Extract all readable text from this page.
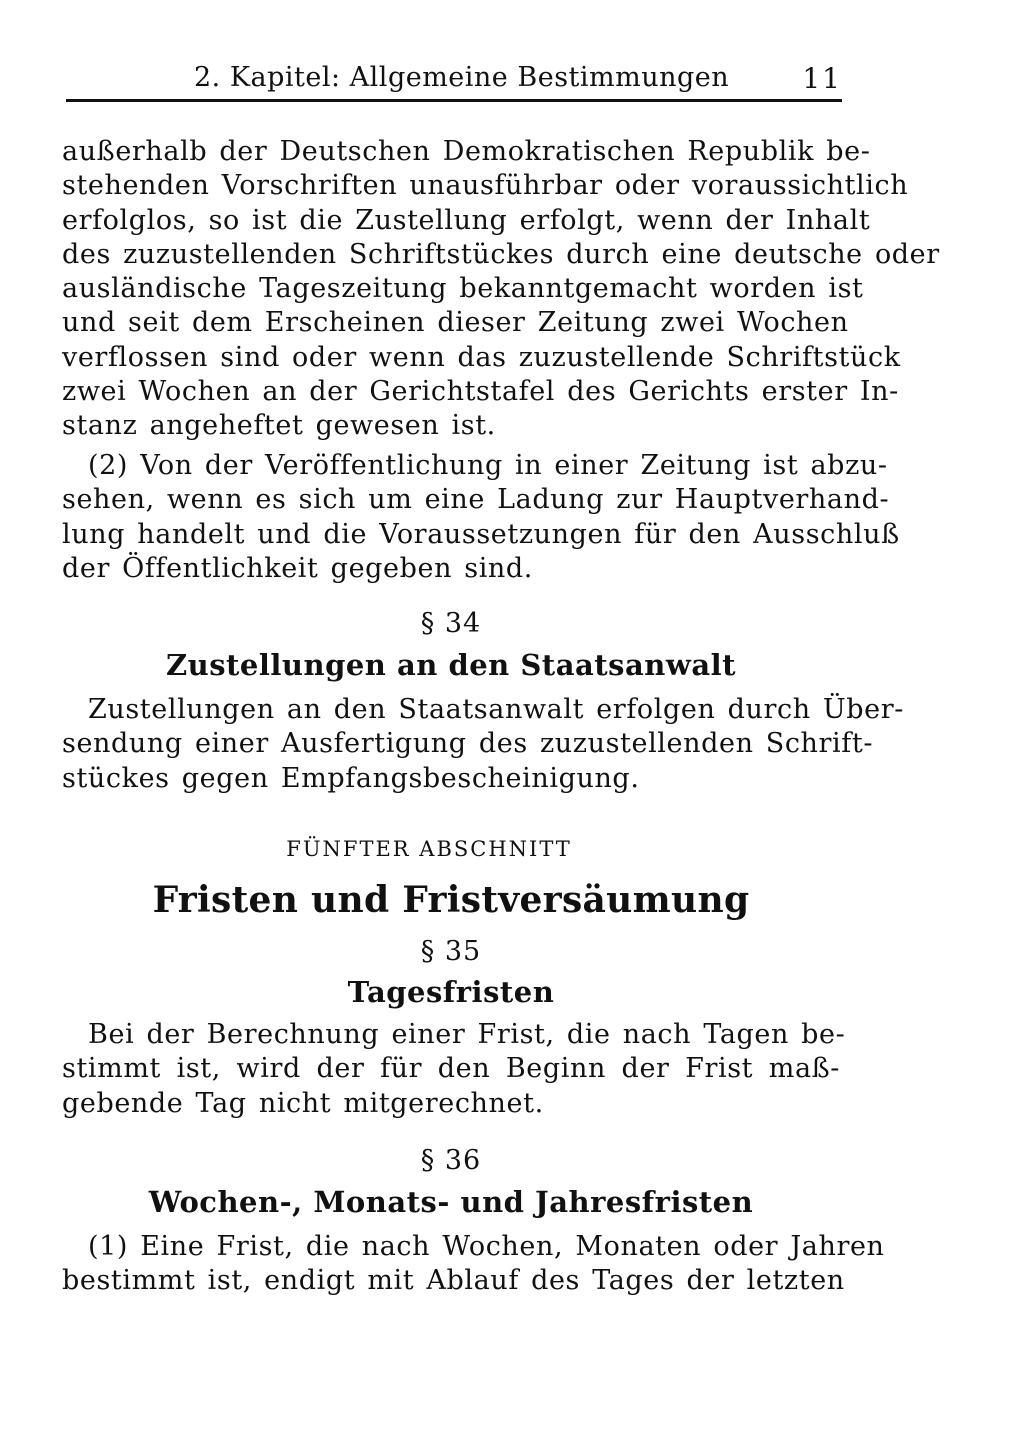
2. Kapitel: Allgemeine Bestimmungen	11
außerhalb der Deutschen Demokratischen Republik be-
stehenden Vorschriften unausführbar oder voraussichtlich
erfolglos, so ist die Zustellung erfolgt, wenn der Inhalt
des zuzustellenden Schriftstückes durch eine deutsche oder
ausländische Tageszeitung bekanntgemacht worden ist
und seit dem Erscheinen dieser Zeitung zwei Wochen
verflossen sind oder wenn das zuzustellende Schriftstück
zwei Wochen an der Gerichtstafel des Gerichts erster In-
stanz angeheftet gewesen ist.
(2) Von der Veröffentlichung in einer Zeitung ist abzu-
sehen, wenn es sich um eine Ladung zur Hauptverhand-
lung handelt und die Voraussetzungen für den Ausschluß
der Öffentlichkeit gegeben sind.
§ 34
Zustellungen an den Staatsanwalt
Zustellungen an den Staatsanwalt erfolgen durch Über-
sendung einer Ausfertigung des zuzustellenden Schrift-
stückes gegen Empfangsbescheinigung.
FÜNFTER ABSCHNITT
Fristen und Fristversäumung
§ 35
Tagesfristen
Bei der Berechnung einer Frist, die nach Tagen be-
stimmt ist, wird der für den Beginn der Frist maß-
gebende Tag nicht mitgerechnet.
§ 36
Wochen-, Monats- und Jahresfristen
(1) Eine Frist, die nach Wochen, Monaten oder Jahren
bestimmt ist, endigt mit Ablauf des Tages der letzten
